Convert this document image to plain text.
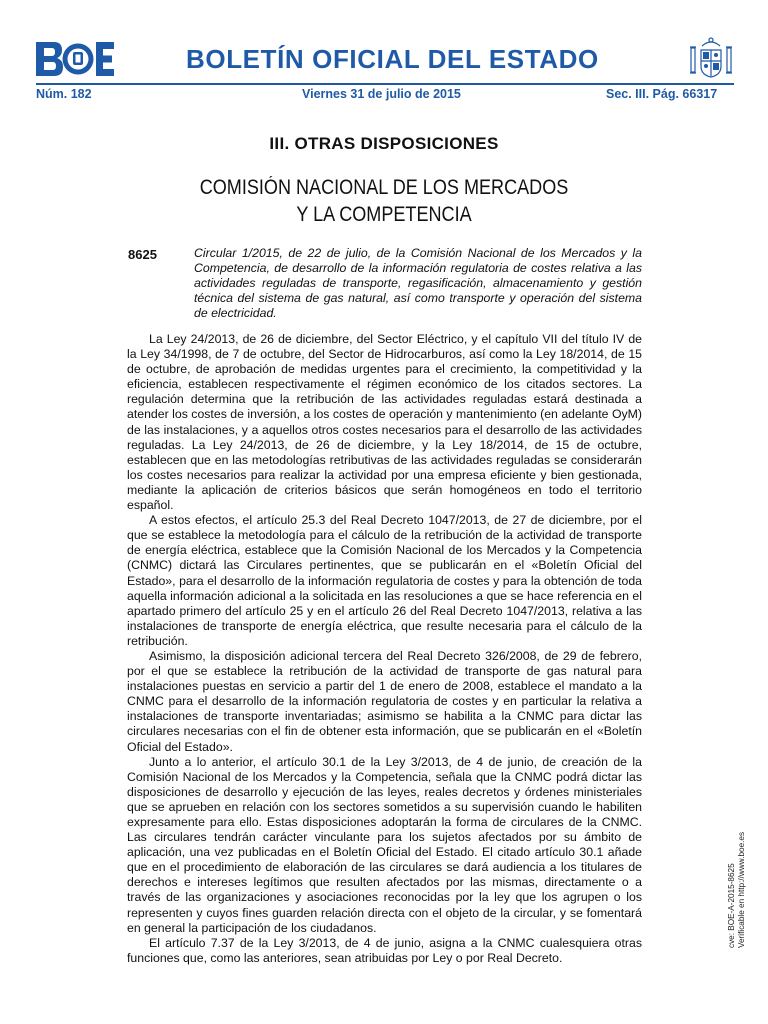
BOLETÍN OFICIAL DEL ESTADO
Núm. 182	Viernes 31 de julio de 2015	Sec. III. Pág. 66317
III. OTRAS DISPOSICIONES
COMISIÓN NACIONAL DE LOS MERCADOS
Y LA COMPETENCIA
8625	Circular 1/2015, de 22 de julio, de la Comisión Nacional de los Mercados y la Competencia, de desarrollo de la información regulatoria de costes relativa a las actividades reguladas de transporte, regasificación, almacenamiento y gestión técnica del sistema de gas natural, así como transporte y operación del sistema de electricidad.

La Ley 24/2013, de 26 de diciembre, del Sector Eléctrico, y el capítulo VII del título IV de la Ley 34/1998, de 7 de octubre, del Sector de Hidrocarburos, así como la Ley 18/2014, de 15 de octubre, de aprobación de medidas urgentes para el crecimiento, la competitividad y la eficiencia, establecen respectivamente el régimen económico de los citados sectores. La regulación determina que la retribución de las actividades reguladas estará destinada a atender los costes de inversión, a los costes de operación y mantenimiento (en adelante OyM) de las instalaciones, y a aquellos otros costes necesarios para el desarrollo de las actividades reguladas. La Ley 24/2013, de 26 de diciembre, y la Ley 18/2014, de 15 de octubre, establecen que en las metodologías retributivas de las actividades reguladas se considerarán los costes necesarios para realizar la actividad por una empresa eficiente y bien gestionada, mediante la aplicación de criterios básicos que serán homogéneos en todo el territorio español.

A estos efectos, el artículo 25.3 del Real Decreto 1047/2013, de 27 de diciembre, por el que se establece la metodología para el cálculo de la retribución de la actividad de transporte de energía eléctrica, establece que la Comisión Nacional de los Mercados y la Competencia (CNMC) dictará las Circulares pertinentes, que se publicarán en el «Boletín Oficial del Estado», para el desarrollo de la información regulatoria de costes y para la obtención de toda aquella información adicional a la solicitada en las resoluciones a que se hace referencia en el apartado primero del artículo 25 y en el artículo 26 del Real Decreto 1047/2013, relativa a las instalaciones de transporte de energía eléctrica, que resulte necesaria para el cálculo de la retribución.

Asimismo, la disposición adicional tercera del Real Decreto 326/2008, de 29 de febrero, por el que se establece la retribución de la actividad de transporte de gas natural para instalaciones puestas en servicio a partir del 1 de enero de 2008, establece el mandato a la CNMC para el desarrollo de la información regulatoria de costes y en particular la relativa a instalaciones de transporte inventariadas; asimismo se habilita a la CNMC para dictar las circulares necesarias con el fin de obtener esta información, que se publicarán en el «Boletín Oficial del Estado».

Junto a lo anterior, el artículo 30.1 de la Ley 3/2013, de 4 de junio, de creación de la Comisión Nacional de los Mercados y la Competencia, señala que la CNMC podrá dictar las disposiciones de desarrollo y ejecución de las leyes, reales decretos y órdenes ministeriales que se aprueben en relación con los sectores sometidos a su supervisión cuando le habiliten expresamente para ello. Estas disposiciones adoptarán la forma de circulares de la CNMC. Las circulares tendrán carácter vinculante para los sujetos afectados por su ámbito de aplicación, una vez publicadas en el Boletín Oficial del Estado. El citado artículo 30.1 añade que en el procedimiento de elaboración de las circulares se dará audiencia a los titulares de derechos e intereses legítimos que resulten afectados por las mismas, directamente o a través de las organizaciones y asociaciones reconocidas por la ley que los agrupen o los representen y cuyos fines guarden relación directa con el objeto de la circular, y se fomentará en general la participación de los ciudadanos.

El artículo 7.37 de la Ley 3/2013, de 4 de junio, asigna a la CNMC cualesquiera otras funciones que, como las anteriores, sean atribuidas por Ley o por Real Decreto.

cve: BOE-A-2015-8625 Verificable en http://www.boe.es
